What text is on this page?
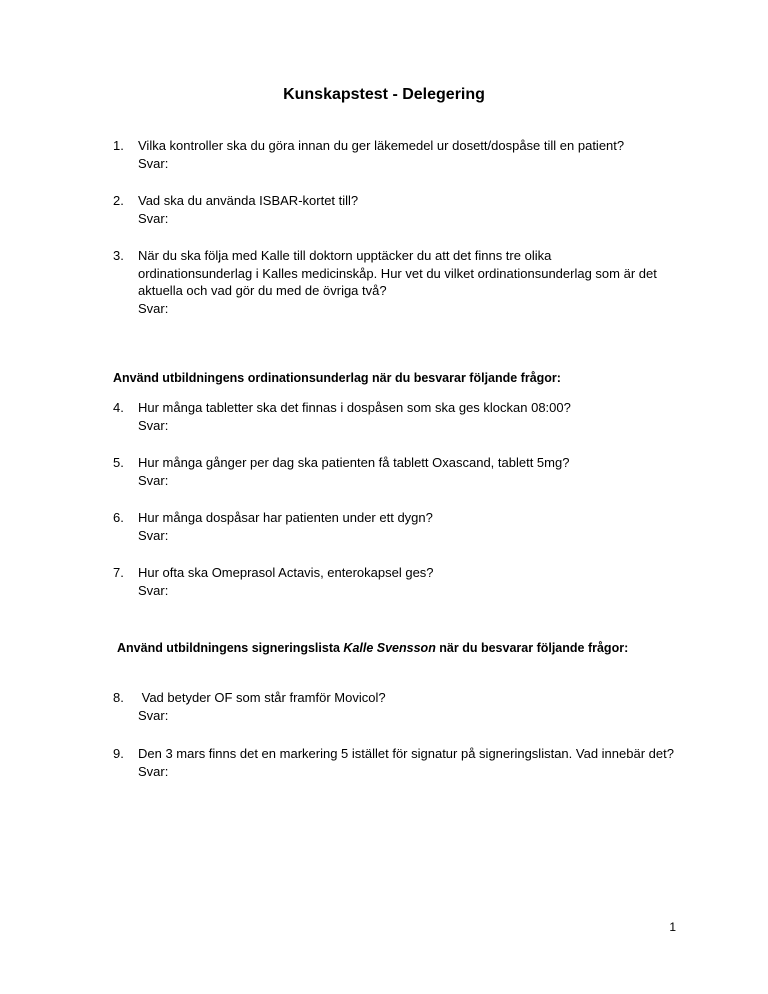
Kunskapstest - Delegering
1. Vilka kontroller ska du göra innan du ger läkemedel ur dosett/dospåse till en patient?
Svar:
2. Vad ska du använda ISBAR-kortet till?
Svar:
3. När du ska följa med Kalle till doktorn upptäcker du att det finns tre olika
ordinationsunderlag i Kalles medicinskåp. Hur vet du vilket ordinationsunderlag som är det
aktuella och vad gör du med de övriga två?
Svar:
Använd utbildningens ordinationsunderlag när du besvarar följande frågor:
4. Hur många tabletter ska det finnas i dospåsen som ska ges klockan 08:00?
Svar:
5. Hur många gånger per dag ska patienten få tablett Oxascand, tablett 5mg?
Svar:
6. Hur många dospåsar har patienten under ett dygn?
Svar:
7. Hur ofta ska Omeprasol Actavis, enterokapsel ges?
Svar:
Använd utbildningens signeringslista Kalle Svensson när du besvarar följande frågor:
8. Vad betyder OF som står framför Movicol?
Svar:
9. Den 3 mars finns det en markering 5 istället för signatur på signeringslistan. Vad innebär det?
Svar:
1
